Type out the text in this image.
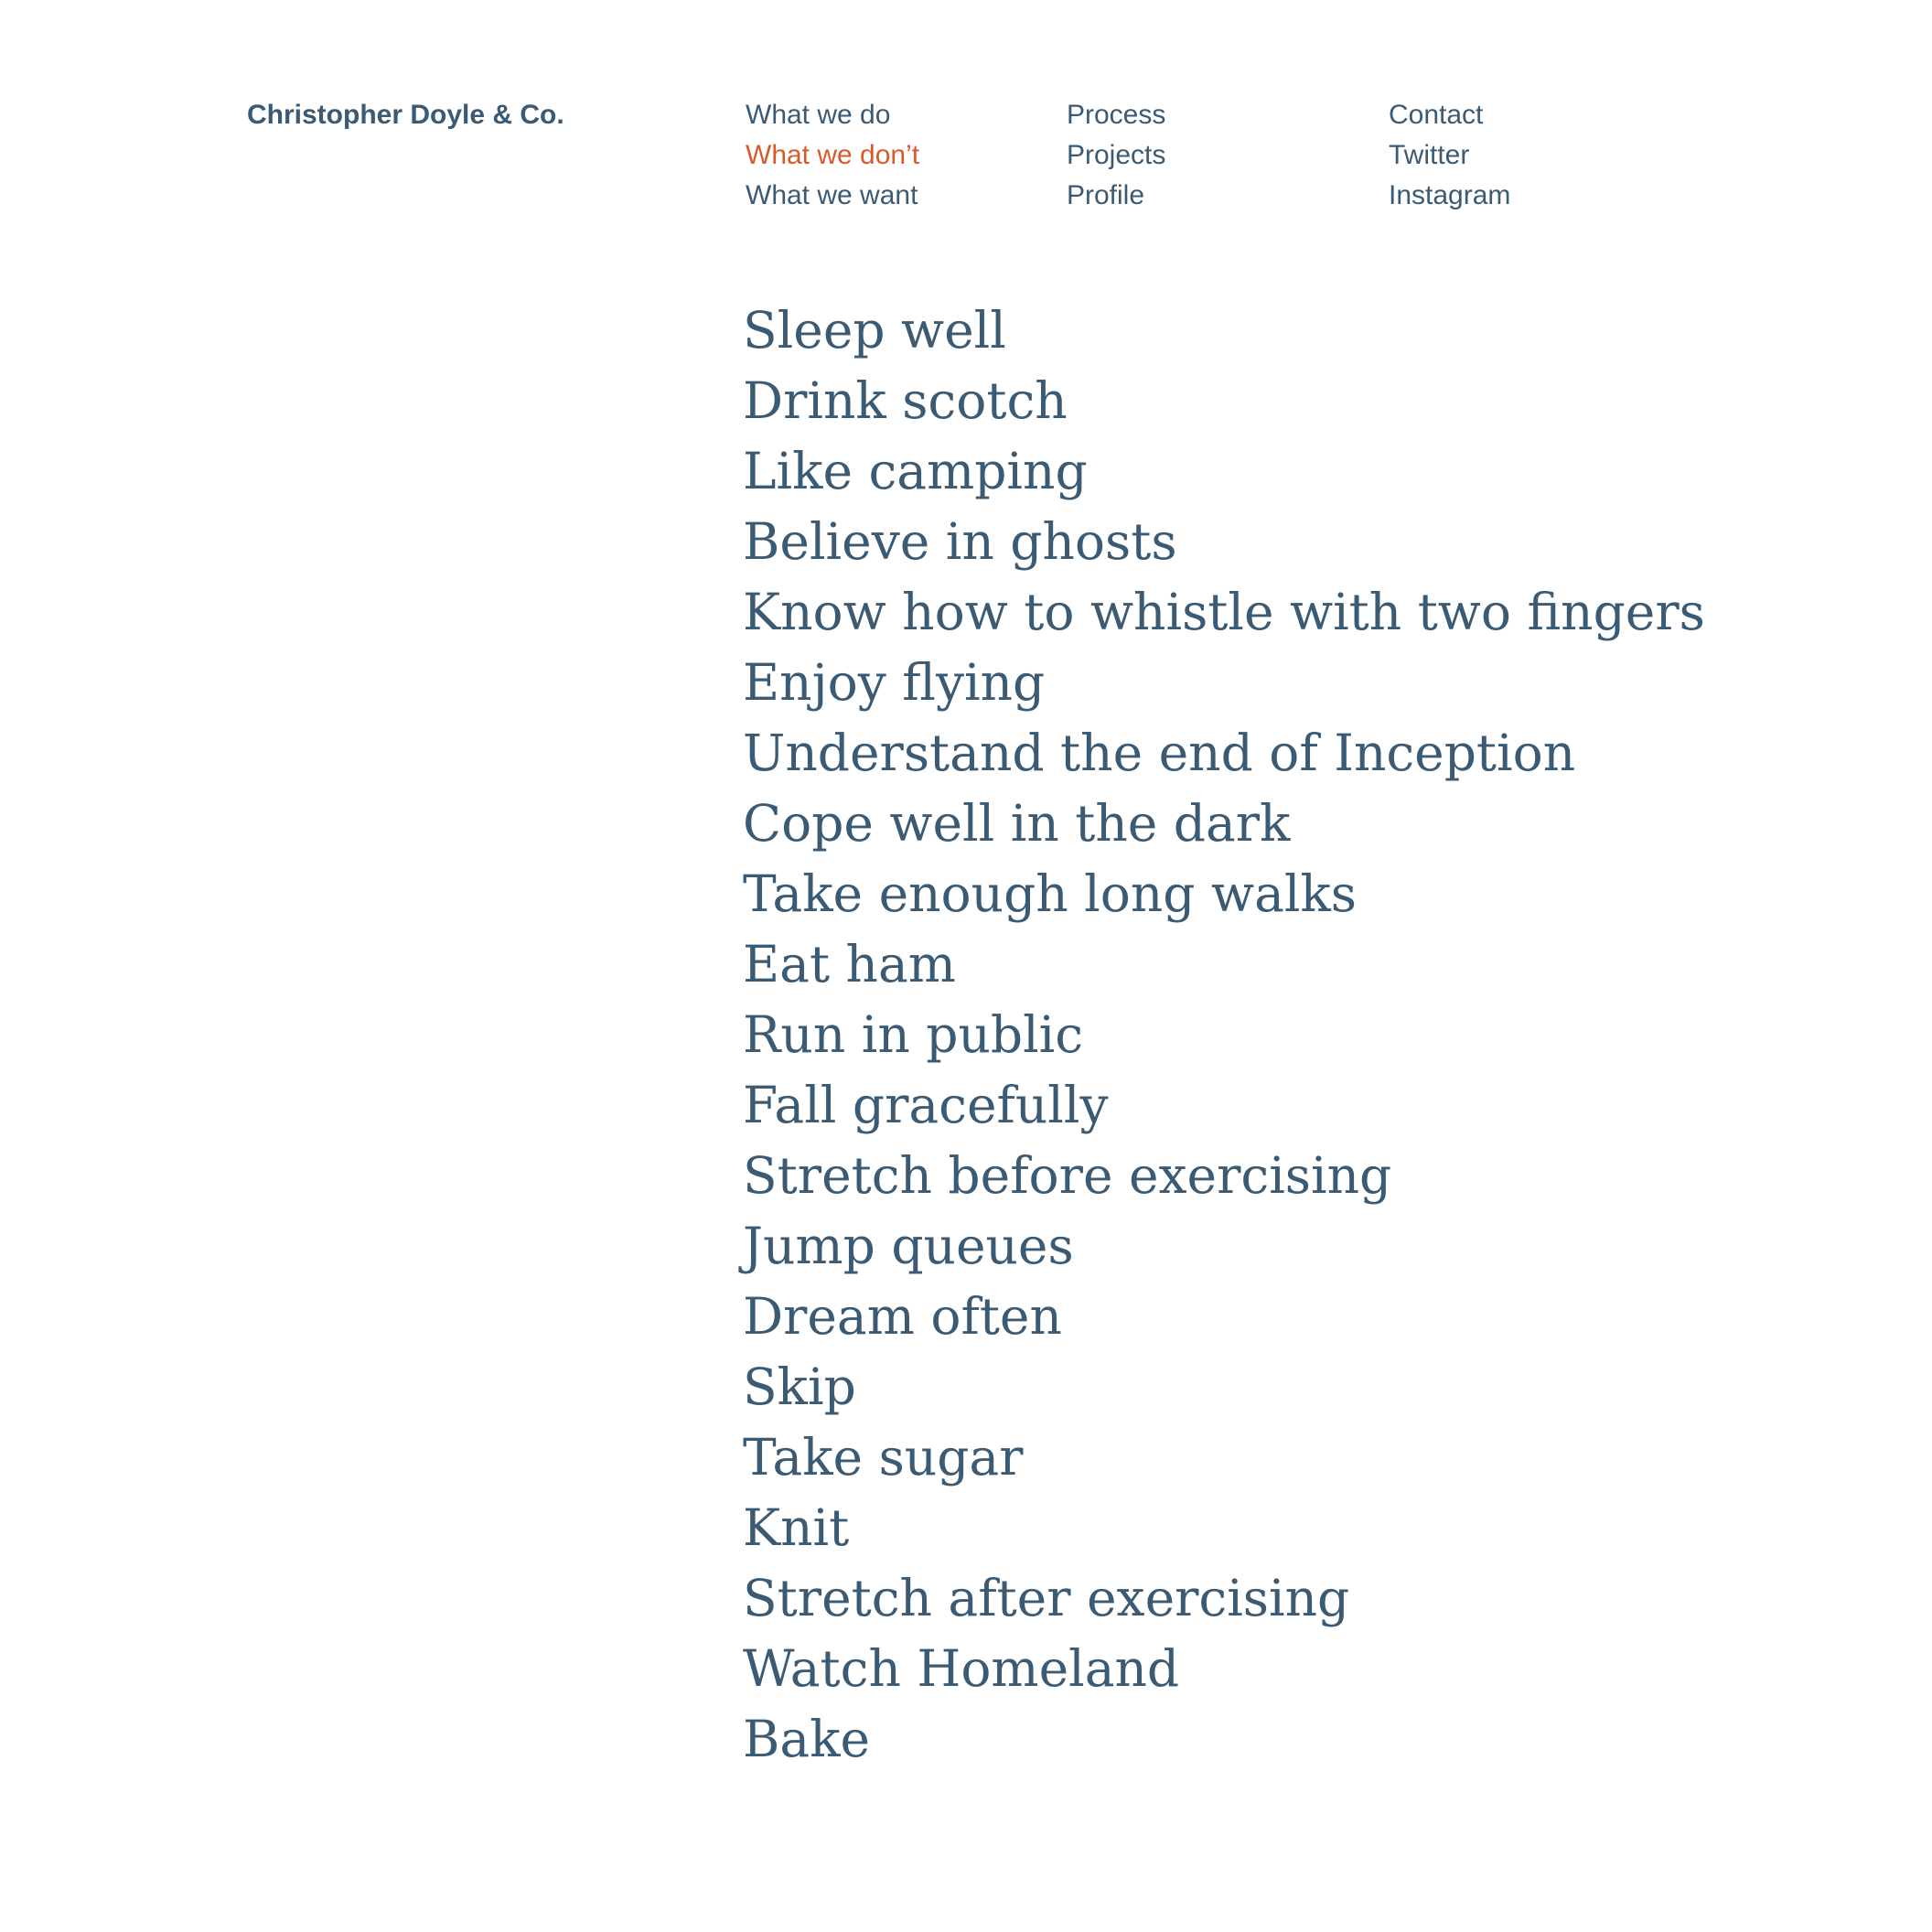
Christopher Doyle & Co.	What we do
What we don’t
What we want
Process
Projects
Profile
Contact
Twitter
Instagram
Sleep well
Drink scotch
Like camping
Believe in ghosts
Know how to whistle with two fingers
Enjoy flying
Understand the end of Inception
Cope well in the dark
Take enough long walks
Eat ham
Run in public
Fall gracefully
Stretch before exercising
Jump queues
Dream often
Skip
Take sugar
Knit
Stretch after exercising
Watch Homeland
Bake
